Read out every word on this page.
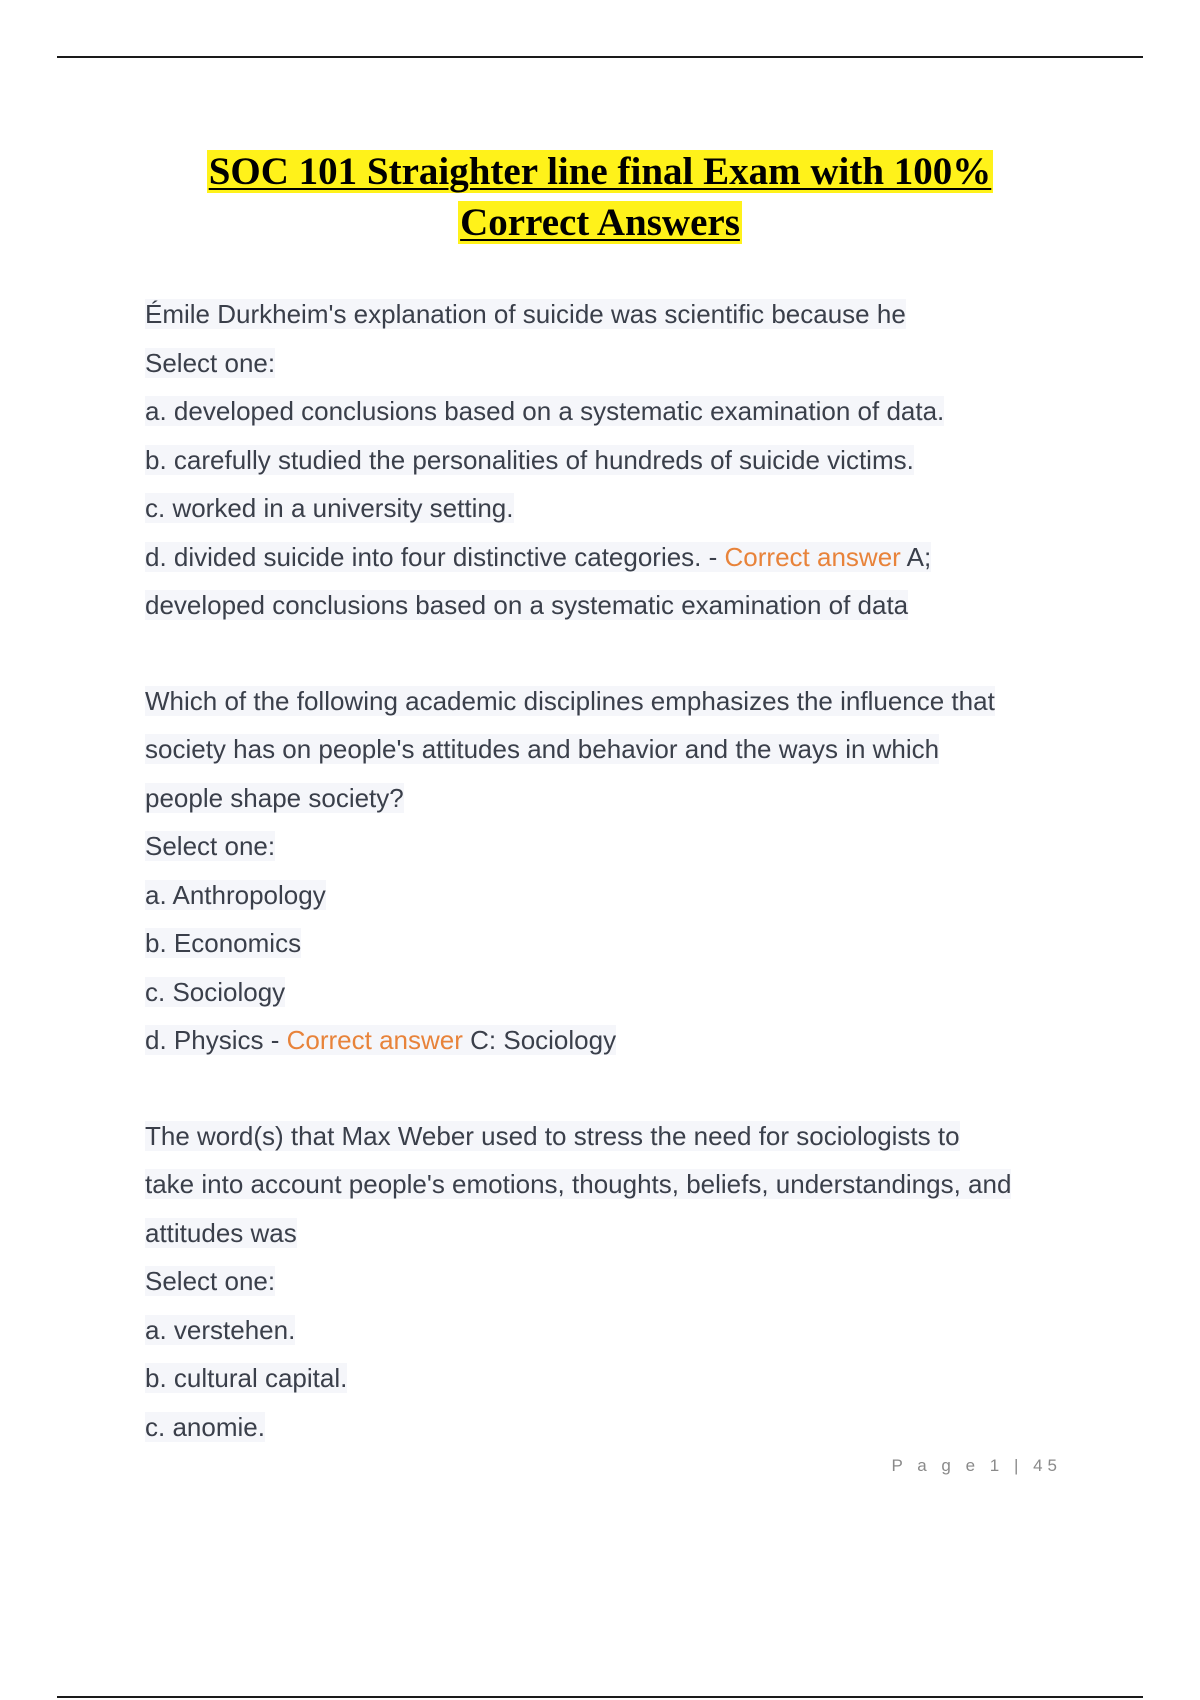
SOC 101 Straighter line final Exam with 100%
Correct Answers
Émile Durkheim's explanation of suicide was scientific because he
Select one:
a. developed conclusions based on a systematic examination of data.
b. carefully studied the personalities of hundreds of suicide victims.
c. worked in a university setting.
d. divided suicide into four distinctive categories. - Correct answer A;
developed conclusions based on a systematic examination of data
Which of the following academic disciplines emphasizes the influence that
society has on people's attitudes and behavior and the ways in which
people shape society?
Select one:
a. Anthropology
b. Economics
c. Sociology
d. Physics - Correct answer C: Sociology
The word(s) that Max Weber used to stress the need for sociologists to
take into account people's emotions, thoughts, beliefs, understandings, and
attitudes was
Select one:
a. verstehen.
b. cultural capital.
c. anomie.
P a g e 1 | 45
